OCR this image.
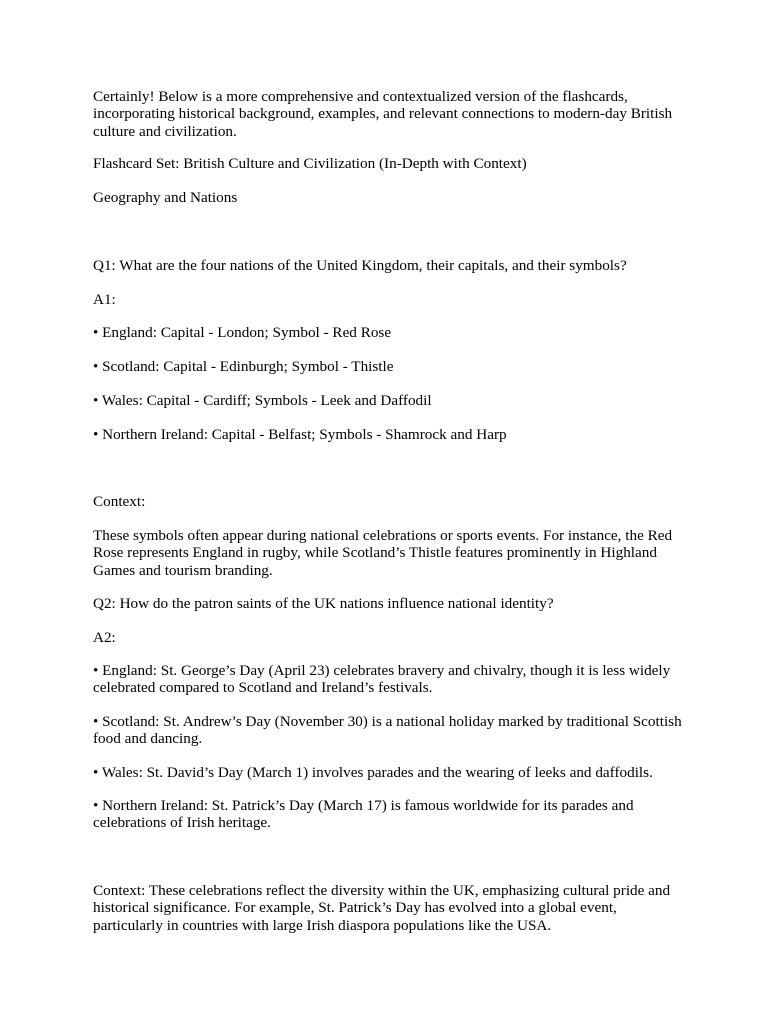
Certainly! Below is a more comprehensive and contextualized version of the flashcards, incorporating historical background, examples, and relevant connections to modern-day British culture and civilization.

Flashcard Set: British Culture and Civilization (In-Depth with Context)

Geography and Nations

Q1: What are the four nations of the United Kingdom, their capitals, and their symbols?

A1:

• England: Capital - London; Symbol - Red Rose

• Scotland: Capital - Edinburgh; Symbol - Thistle

• Wales: Capital - Cardiff; Symbols - Leek and Daffodil

• Northern Ireland: Capital - Belfast; Symbols - Shamrock and Harp

Context:

These symbols often appear during national celebrations or sports events. For instance, the Red Rose represents England in rugby, while Scotland’s Thistle features prominently in Highland Games and tourism branding.

Q2: How do the patron saints of the UK nations influence national identity?

A2:

• England: St. George’s Day (April 23) celebrates bravery and chivalry, though it is less widely celebrated compared to Scotland and Ireland’s festivals.

• Scotland: St. Andrew’s Day (November 30) is a national holiday marked by traditional Scottish food and dancing.

• Wales: St. David’s Day (March 1) involves parades and the wearing of leeks and daffodils.

• Northern Ireland: St. Patrick’s Day (March 17) is famous worldwide for its parades and celebrations of Irish heritage.

Context: These celebrations reflect the diversity within the UK, emphasizing cultural pride and historical significance. For example, St. Patrick’s Day has evolved into a global event, particularly in countries with large Irish diaspora populations like the USA.
